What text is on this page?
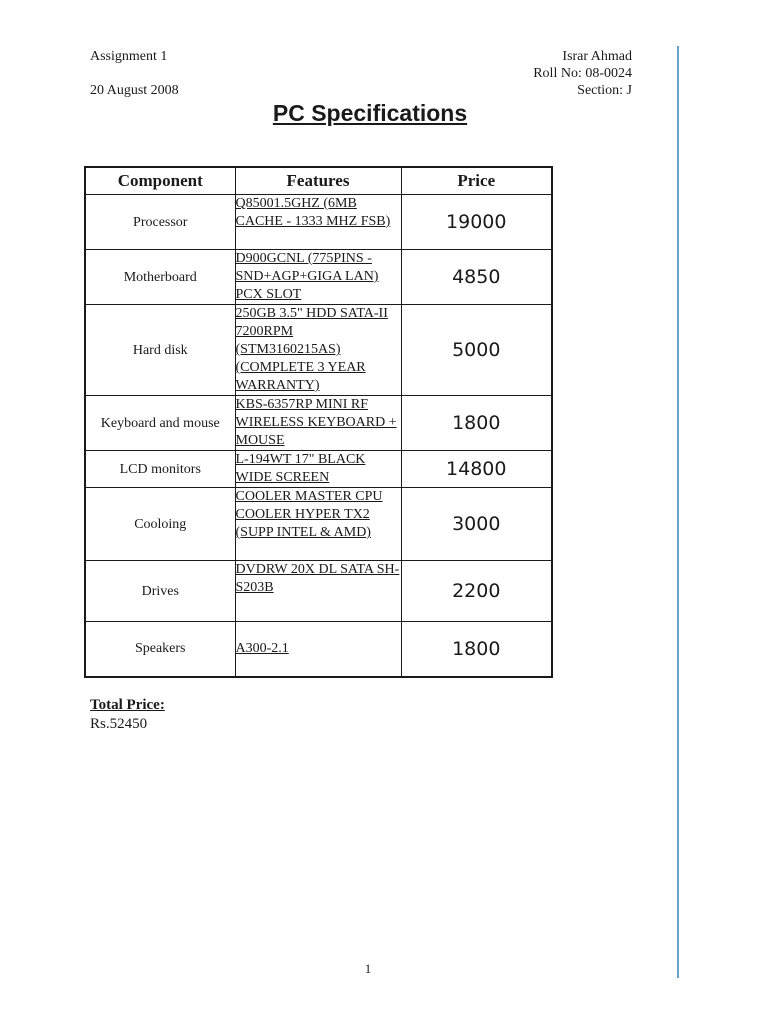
Assignment 1
20 August 2008
Israr Ahmad
Roll No: 08-0024
Section: J
PC Specifications
Component	Features	Price
Processor	Q85001.5GHZ (6MB CACHE - 1333 MHZ FSB)	19000
Motherboard	D900GCNL (775PINS - SND+AGP+GIGA LAN) PCX SLOT	4850
Hard disk	250GB 3.5" HDD SATA-II 7200RPM (STM3160215AS) (COMPLETE 3 YEAR WARRANTY)	5000
Keyboard and mouse	KBS-6357RP MINI RF WIRELESS KEYBOARD + MOUSE	1800
LCD monitors	L-194WT 17" BLACK WIDE SCREEN	14800
Cooloing	COOLER MASTER CPU COOLER HYPER TX2 (SUPP INTEL & AMD)	3000
Drives	DVDRW 20X DL SATA SH-S203B	2200
Speakers	A300-2.1	1800
Total Price:
Rs.52450
1
